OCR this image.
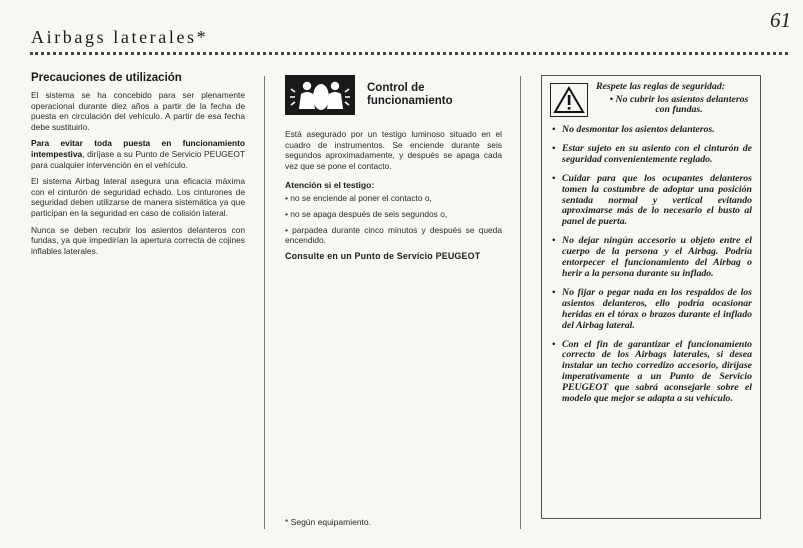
61
Airbags laterales*
Precauciones de utilización

El sistema se ha concebido para ser plenamente operacional durante diez años a partir de la fecha de puesta en circulación del vehículo. A partir de esa fecha debe sustituirlo.

Para evitar toda puesta en funcionamiento intempestiva, diríjase a su Punto de Servicio PEUGEOT para cualquier intervención en el vehículo.

El sistema Airbag lateral asegura una eficacia máxima con el cinturón de seguridad echado. Los cinturones de seguridad deben utilizarse de manera sistemática ya que participan en la seguridad en caso de colisión lateral.

Nunca se deben recubrir los asientos delanteros con fundas, ya que impedirían la apertura correcta de cojines inflables laterales.

Control de funcionamiento

Está asegurado por un testigo luminoso situado en el cuadro de instrumentos. Se enciende durante seis segundos aproximadamente, y después se apaga cada vez que se pone el contacto.

Atención si el testigo:

• no se enciende al poner el contacto o,

• no se apaga después de seis segundos o,

• parpadea durante cinco minutos y después se queda encendido.

Consulte en un Punto de Servicio PEUGEOT
* Según equipamiento.
Respete las reglas de seguridad:
• No cubrir los asientos delanteros con fundas.
• No desmontar los asientos delanteros.
• Estar sujeto en su asiento con el cinturón de seguridad convenientemente reglado.
• Cuidar para que los ocupantes delanteros tomen la costumbre de adoptar una posición sentada normal y vertical evitando aproximarse más de lo necesario el busto al panel de puerta.
• No dejar ningún accesorio u objeto entre el cuerpo de la persona y el Airbag. Podría entorpecer el funcionamiento del Airbag o herir a la persona durante su inflado.
• No fijar o pegar nada en los respaldos de los asientos delanteros, ello podría ocasionar heridas en el tórax o brazos durante el inflado del Airbag lateral.
• Con el fin de garantizar el funcionamiento correcto de los Airbags laterales, si desea instalar un techo corredizo accesorio, diríjase imperativamente a un Punto de Servicio PEUGEOT que sabrá aconsejarle sobre el modelo que mejor se adapta a su vehículo.
